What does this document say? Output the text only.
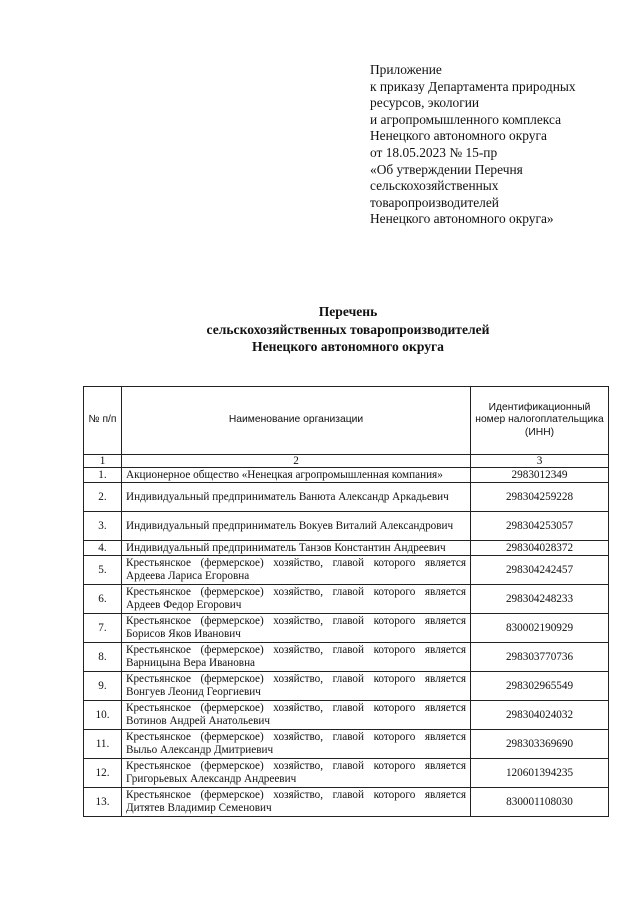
Приложение
к приказу Департамента природных
ресурсов, экологии
и агропромышленного комплекса
Ненецкого автономного округа
от 18.05.2023 № 15-пр
«Об утверждении Перечня
сельскохозяйственных
товаропроизводителей
Ненецкого автономного округа»
Перечень
сельскохозяйственных товаропроизводителей
Ненецкого автономного округа
№ п/п	Наименование организации	Идентификационный номер налогоплательщика (ИНН)
1	2	3
1.	Акционерное общество «Ненецкая агропромышленная компания»	2983012349
2.	Индивидуальный предприниматель Ванюта Александр Аркадьевич	298304259228
3.	Индивидуальный предприниматель Вокуев Виталий Александрович	298304253057
4.	Индивидуальный предприниматель Танзов Константин Андреевич	298304028372
5.	Крестьянское (фермерское) хозяйство, главой которого является Ардеева Лариса Егоровна	298304242457
6.	Крестьянское (фермерское) хозяйство, главой которого является Ардеев Федор Егорович	298304248233
7.	Крестьянское (фермерское) хозяйство, главой которого является Борисов Яков Иванович	830002190929
8.	Крестьянское (фермерское) хозяйство, главой которого является Варницына Вера Ивановна	298303770736
9.	Крестьянское (фермерское) хозяйство, главой которого является Вонгуев Леонид Георгиевич	298302965549
10.	Крестьянское (фермерское) хозяйство, главой которого является Вотинов Андрей Анатольевич	298304024032
11.	Крестьянское (фермерское) хозяйство, главой которого является Выльо Александр Дмитриевич	298303369690
12.	Крестьянское (фермерское) хозяйство, главой которого является Григорьевых Александр Андреевич	120601394235
13.	Крестьянское (фермерское) хозяйство, главой которого является Дитятев Владимир Семенович	830001108030
